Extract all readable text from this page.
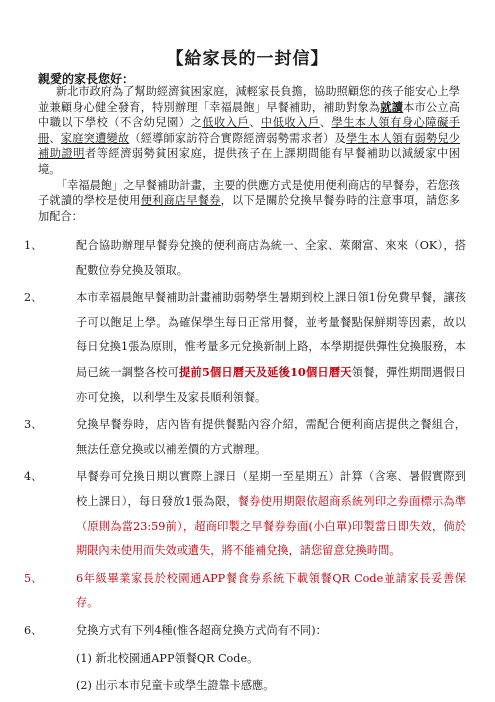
【給家長的一封信】
親愛的家長您好：

新北市政府為了幫助經濟貧困家庭，減輕家長負擔，協助照顧您的孩子能安心上學並兼顧身心健全發育，特別辦理「幸福晨飽」早餐補助，補助對象為就讀本市公立高中職以下學校（不含幼兒園）之低收入戶、中低收入戶、學生本人領有身心障礙手冊、家庭突遭變故（經導師家訪符合實際經濟弱勢需求者）及學生本人領有弱勢兒少補助證明者等經濟弱勢貧困家庭，提供孩子在上課期間能有早餐補助以減緩家中困境。

「幸福晨飽」之早餐補助計畫，主要的供應方式是使用便利商店的早餐券，若您孩子就讀的學校是使用便利商店早餐券，以下是關於兌換早餐券時的注意事項，請您多加配合：

1、	配合協助辦理早餐券兌換的便利商店為統一、全家、萊爾富、來來（OK），搭配數位券兌換及領取。
2、	本市幸福晨飽早餐補助計畫補助弱勢學生暑期到校上課日領1份免費早餐，讓孩子可以飽足上學。為確保學生每日正常用餐，並考量餐點保鮮期等因素，故以每日兌換1張為原則，惟考量多元兌換新制上路，本學期提供彈性兌換服務，本局已統一調整各校可提前5個日曆天及延後10個日曆天領餐，彈性期間遇假日亦可兌換，以利學生及家長順利領餐。
3、	兌換早餐券時，店內皆有提供餐點內容介紹，需配合便利商店提供之餐組合，無法任意兌換或以補差價的方式辦理。
4、	早餐券可兌換日期以實際上課日（星期一至星期五）計算（含寒、暑假實際到校上課日），每日發放1張為限，餐券使用期限依超商系統列印之券面標示為準（原則為當23:59前），超商印製之早餐券券面(小白單)印製當日即失效，倘於期限內未使用而失效或遺失，將不能補兌換，請您留意兌換時間。
5、	6年級畢業家長於校園通APP餐食券系統下載領餐QR Code並請家長妥善保存。
6、	兌換方式有下列4種(惟各超商兌換方式尚有不同)：
(1) 新北校園通APP領餐QR Code。
(2) 出示本市兒童卡或學生證靠卡感應。
